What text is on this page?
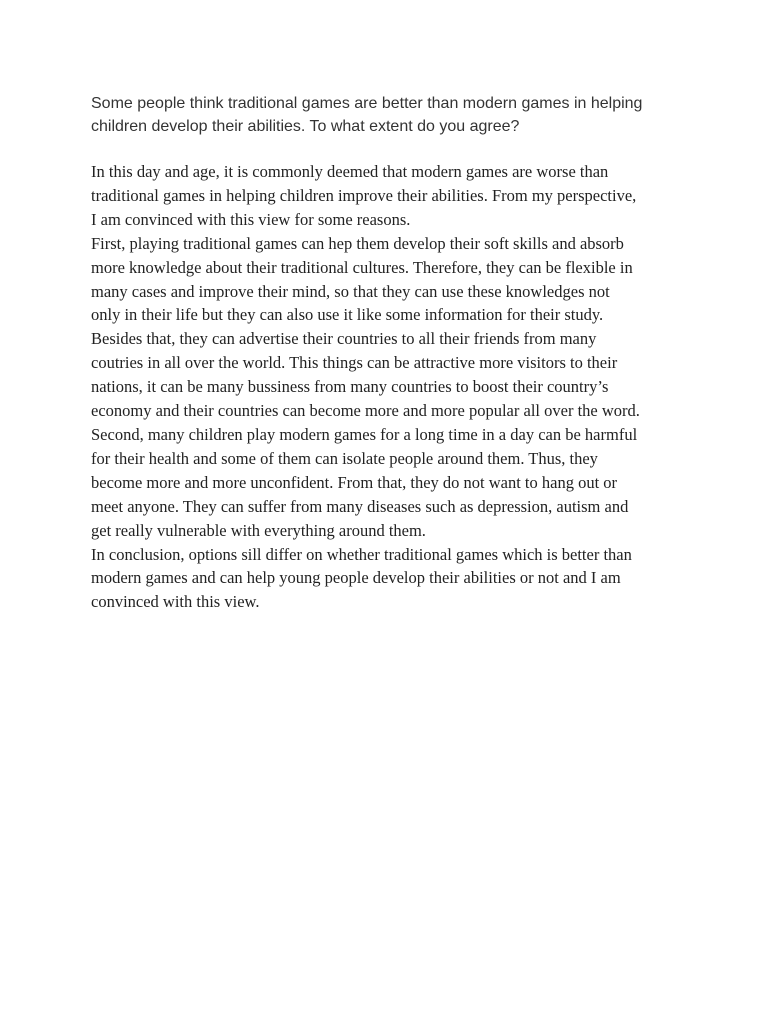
Some people think traditional games are better than modern games in helping
children develop their abilities. To what extent do you agree?
In this day and age, it is commonly deemed that modern games are worse than
traditional games in helping children improve their abilities. From my perspective,
I am convinced with this view for some reasons.
First, playing traditional games can hep them develop their soft skills and absorb
more knowledge about their traditional cultures. Therefore, they can be flexible in
many cases and improve their mind, so that they can use these knowledges not
only in their life but they can also use it like some information for their study.
Besides that, they can advertise their countries to all their friends from many
coutries in all over the world. This things can be attractive more visitors to their
nations, it can be many bussiness from many countries to boost their country’s
economy and their countries can become more and more popular all over the word.
Second, many children play modern games for a long time in a day can be harmful
for their health and some of them can isolate people around them. Thus, they
become more and more unconfident. From that, they do not want to hang out or
meet anyone. They can suffer from many diseases such as depression, autism and
get really vulnerable with everything around them.
In conclusion, options sill differ on whether traditional games which is better than
modern games and can help young people develop their abilities or not and I am
convinced with this view.
